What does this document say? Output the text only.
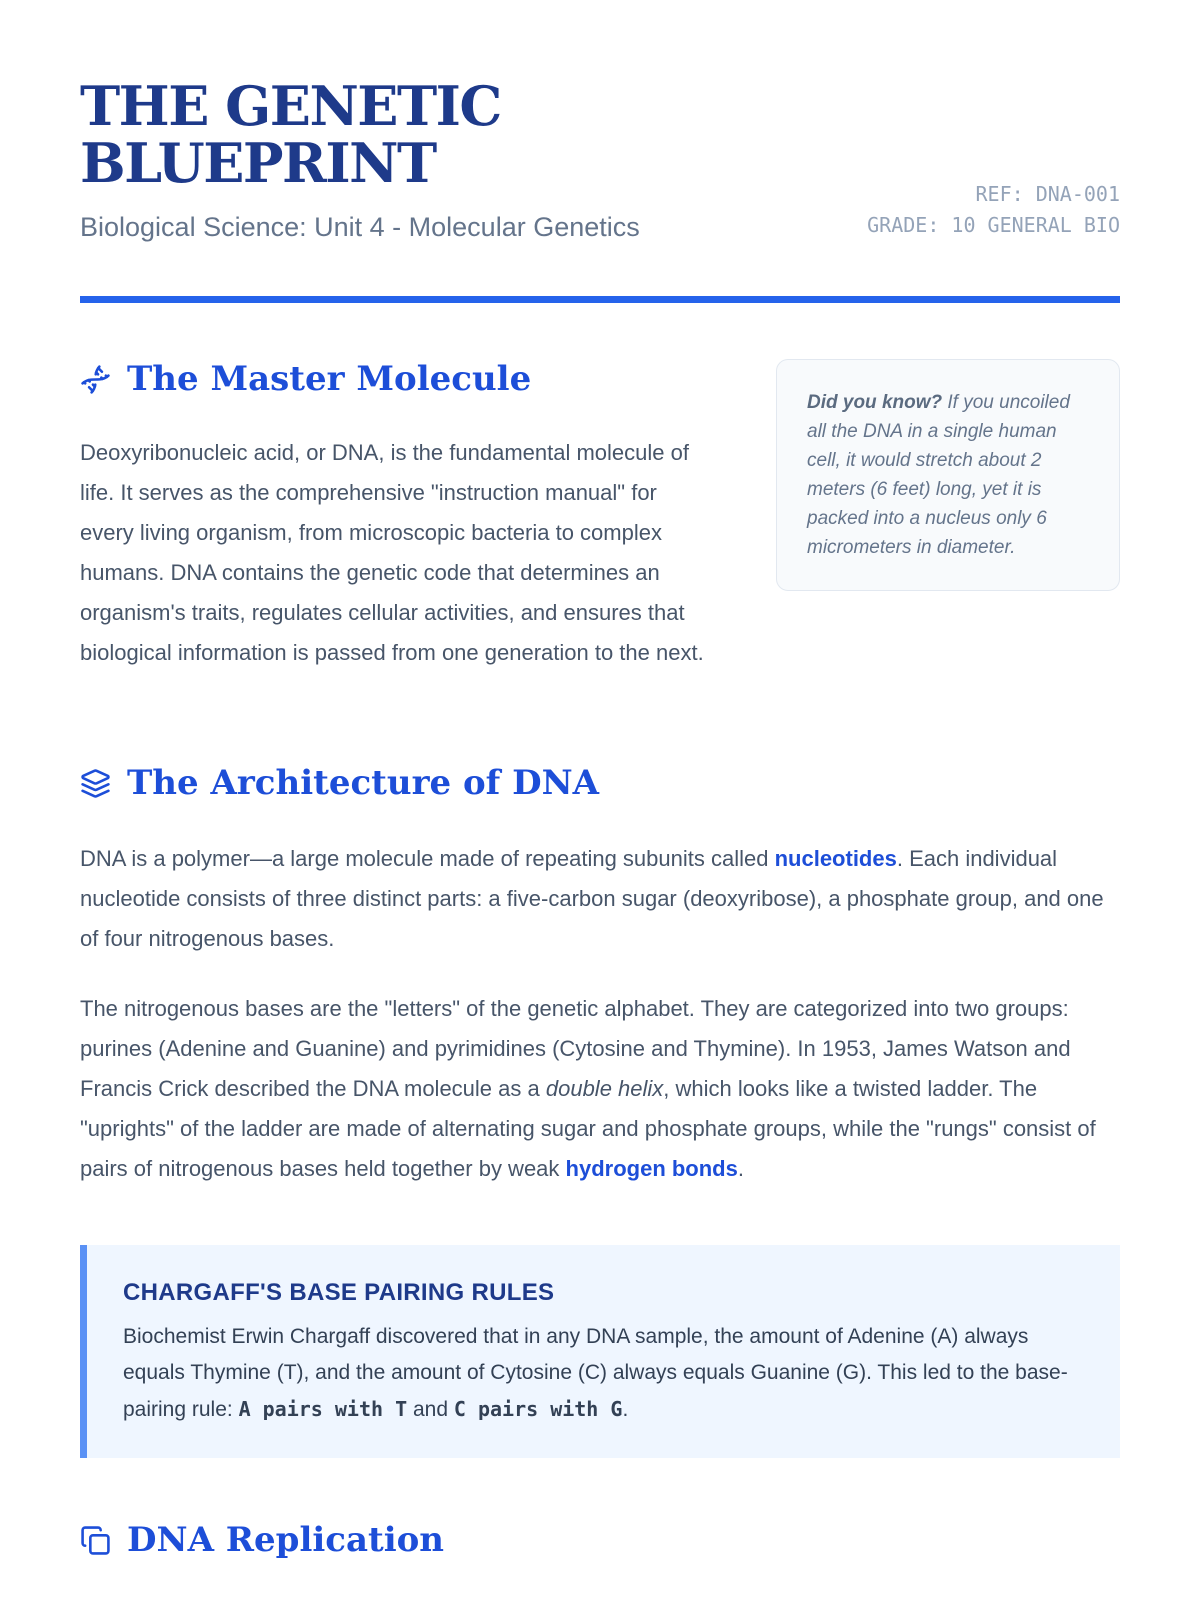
THE GENETIC BLUEPRINT

Biological Science: Unit 4 - Molecular Genetics

REF: DNA-001
GRADE: 10 GENERAL BIO
The Master Molecule

Deoxyribonucleic acid, or DNA, is the fundamental molecule of life. It serves as the comprehensive "instruction manual" for every living organism, from microscopic bacteria to complex humans. DNA contains the genetic code that determines an organism's traits, regulates cellular activities, and ensures that biological information is passed from one generation to the next.

Did you know? If you uncoiled all the DNA in a single human cell, it would stretch about 2 meters (6 feet) long, yet it is packed into a nucleus only 6 micrometers in diameter.
The Architecture of DNA

DNA is a polymer—a large molecule made of repeating subunits called nucleotides. Each individual nucleotide consists of three distinct parts: a five-carbon sugar (deoxyribose), a phosphate group, and one of four nitrogenous bases.

The nitrogenous bases are the "letters" of the genetic alphabet. They are categorized into two groups: purines (Adenine and Guanine) and pyrimidines (Cytosine and Thymine). In 1953, James Watson and Francis Crick described the DNA molecule as a double helix, which looks like a twisted ladder. The "uprights" of the ladder are made of alternating sugar and phosphate groups, while the "rungs" consist of pairs of nitrogenous bases held together by weak hydrogen bonds.

CHARGAFF'S BASE PAIRING RULES

Biochemist Erwin Chargaff discovered that in any DNA sample, the amount of Adenine (A) always equals Thymine (T), and the amount of Cytosine (C) always equals Guanine (G). This led to the base-pairing rule: A pairs with T and C pairs with G.

DNA Replication
